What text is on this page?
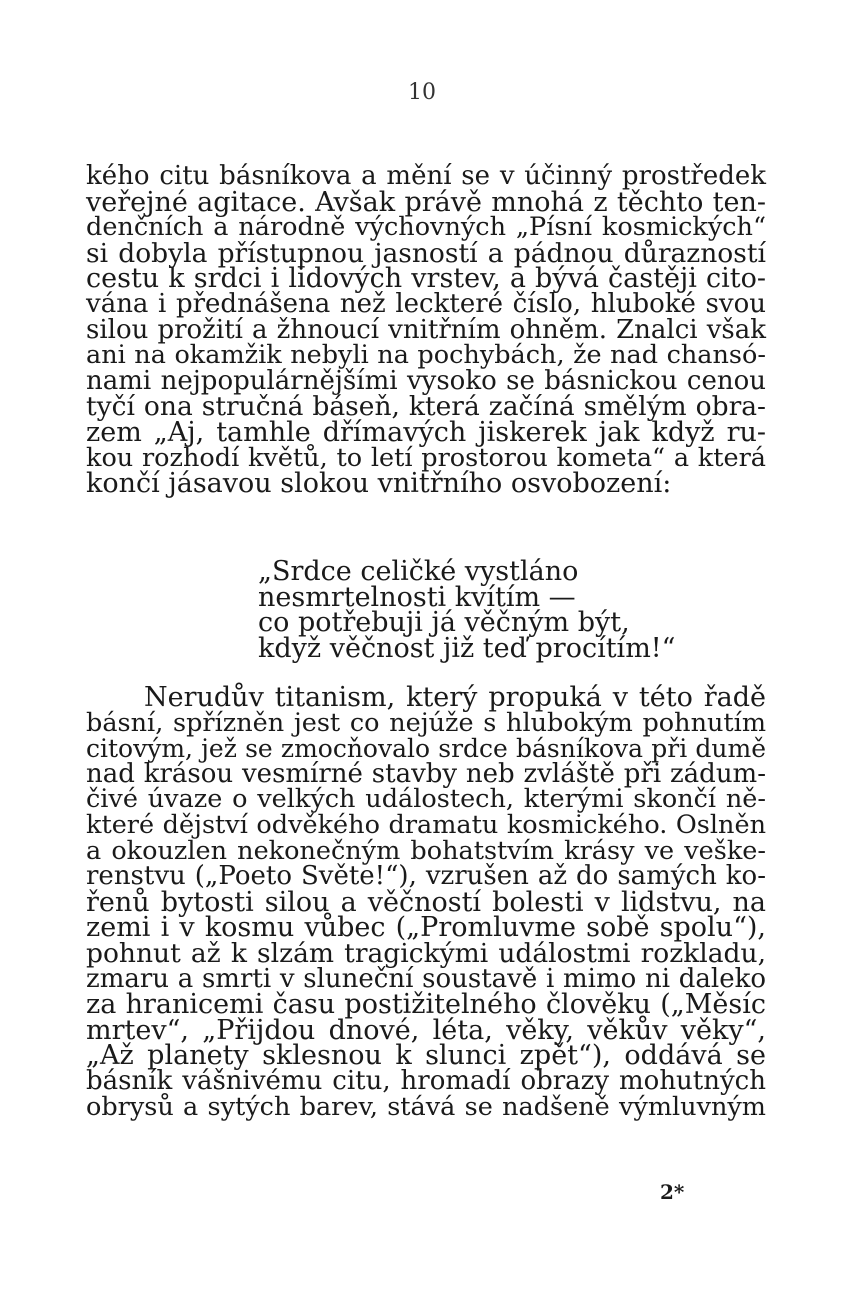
10
kého citu básníkova a mění se v účinný prostředek
veřejné agitace. Avšak právě mnohá z těchto ten-
denčních a národně výchovných „Písní kosmických“
si dobyla přístupnou jasností a pádnou důrazností
cestu k srdci i lidových vrstev, a bývá častěji cito-
vána i přednášena než leckteré číslo, hluboké svou
silou prožití a žhnoucí vnitřním ohněm. Znalci však
ani na okamžik nebyli na pochybách, že nad chansó-
nami nejpopulárnějšími vysoko se básnickou cenou
tyčí ona stručná báseň, která začíná smělým obra-
zem „Aj, tamhle dřímavých jiskerek jak když ru-
kou rozhodí květů, to letí prostorou kometa“ a která
končí jásavou slokou vnitřního osvobození:
„Srdce celičké vystláno
nesmrtelnosti kvítím —
co potřebuji já věčným být,
když věčnost již teď procítím!“
Nerudův titanism, který propuká v této řadě
básní, spřízněn jest co nejúže s hlubokým pohnutím
citovým, jež se zmocňovalo srdce básníkova při dumě
nad krásou vesmírné stavby neb zvláště při zádum-
čivé úvaze o velkých událostech, kterými skončí ně-
které dějství odvěkého dramatu kosmického. Oslněn
a okouzlen nekonečným bohatstvím krásy ve veške-
renstvu („Poeto Světe!“), vzrušen až do samých ko-
řenů bytosti silou a věčností bolesti v lidstvu, na
zemi i v kosmu vůbec („Promluvme sobě spolu“),
pohnut až k slzám tragickými událostmi rozkladu,
zmaru a smrti v sluneční soustavě i mimo ni daleko
za hranicemi času postižitelného člověku („Měsíc
mrtev“, „Přijdou dnové, léta, věky, věkův věky“,
„Až planety sklesnou k slunci zpět“), oddává se
básník vášnivému citu, hromadí obrazy mohutných
obrysů a sytých barev, stává se nadšeně výmluvným
2*
